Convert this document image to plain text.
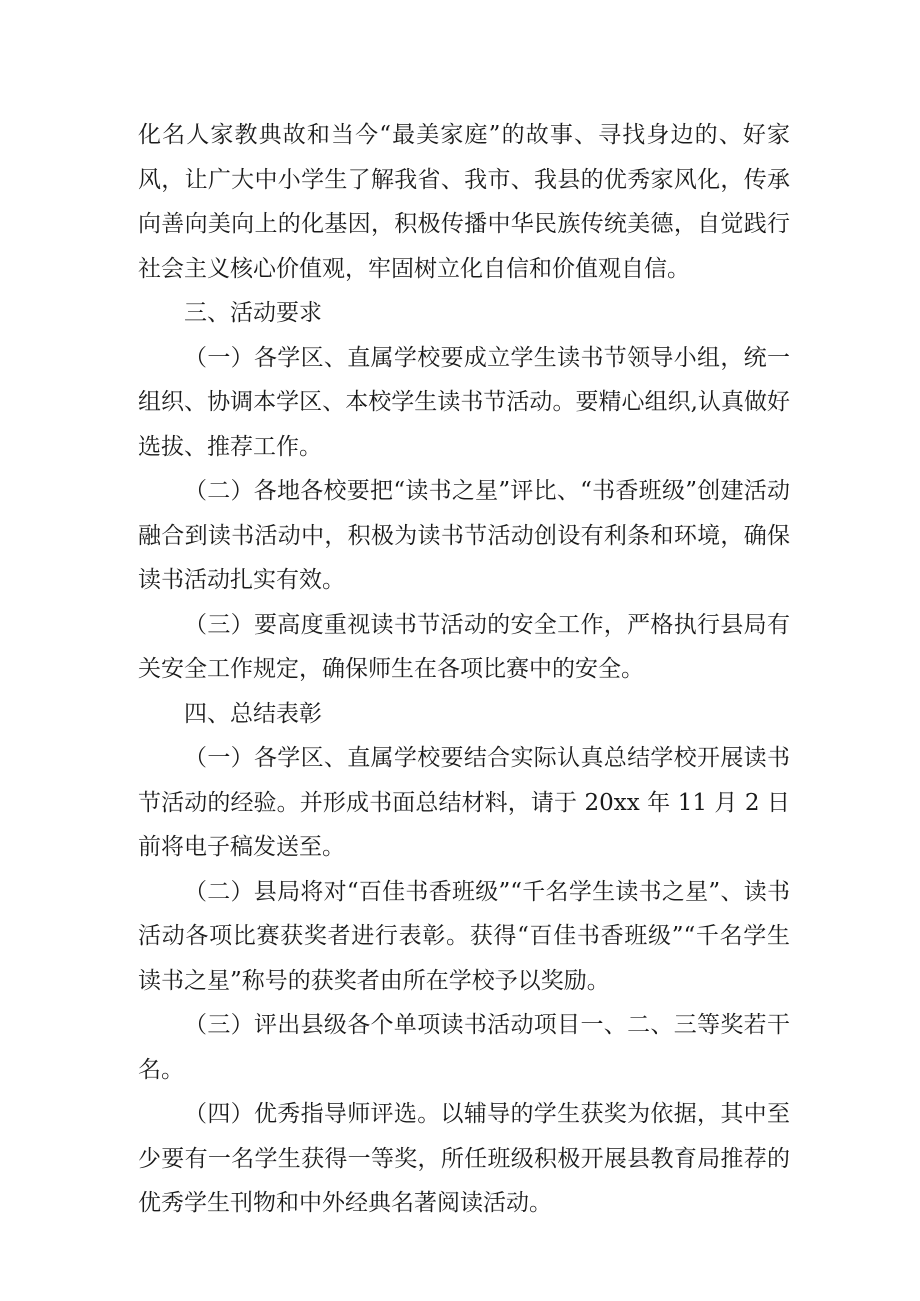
化名人家教典故和当今“最美家庭”的故事、寻找身边的、好家风，让广大中小学生了解我省、我市、我县的优秀家风化，传承向善向美向上的化基因，积极传播中华民族传统美德，自觉践行社会主义核心价值观，牢固树立化自信和价值观自信。

三、活动要求

（一）各学区、直属学校要成立学生读书节领导小组，统一组织、协调本学区、本校学生读书节活动。要精心组织,认真做好选拔、推荐工作。

（二）各地各校要把“读书之星”评比、“书香班级”创建活动融合到读书活动中，积极为读书节活动创设有利条和环境，确保读书活动扎实有效。

（三）要高度重视读书节活动的安全工作，严格执行县局有关安全工作规定，确保师生在各项比赛中的安全。

四、总结表彰

（一）各学区、直属学校要结合实际认真总结学校开展读书节活动的经验。并形成书面总结材料，请于 20xx 年 11 月 2 日前将电子稿发送至。

（二）县局将对“百佳书香班级”“千名学生读书之星”、读书活动各项比赛获奖者进行表彰。获得“百佳书香班级”“千名学生读书之星”称号的获奖者由所在学校予以奖励。

（三）评出县级各个单项读书活动项目一、二、三等奖若干名。

（四）优秀指导师评选。以辅导的学生获奖为依据，其中至少要有一名学生获得一等奖，所任班级积极开展县教育局推荐的优秀学生刊物和中外经典名著阅读活动。
